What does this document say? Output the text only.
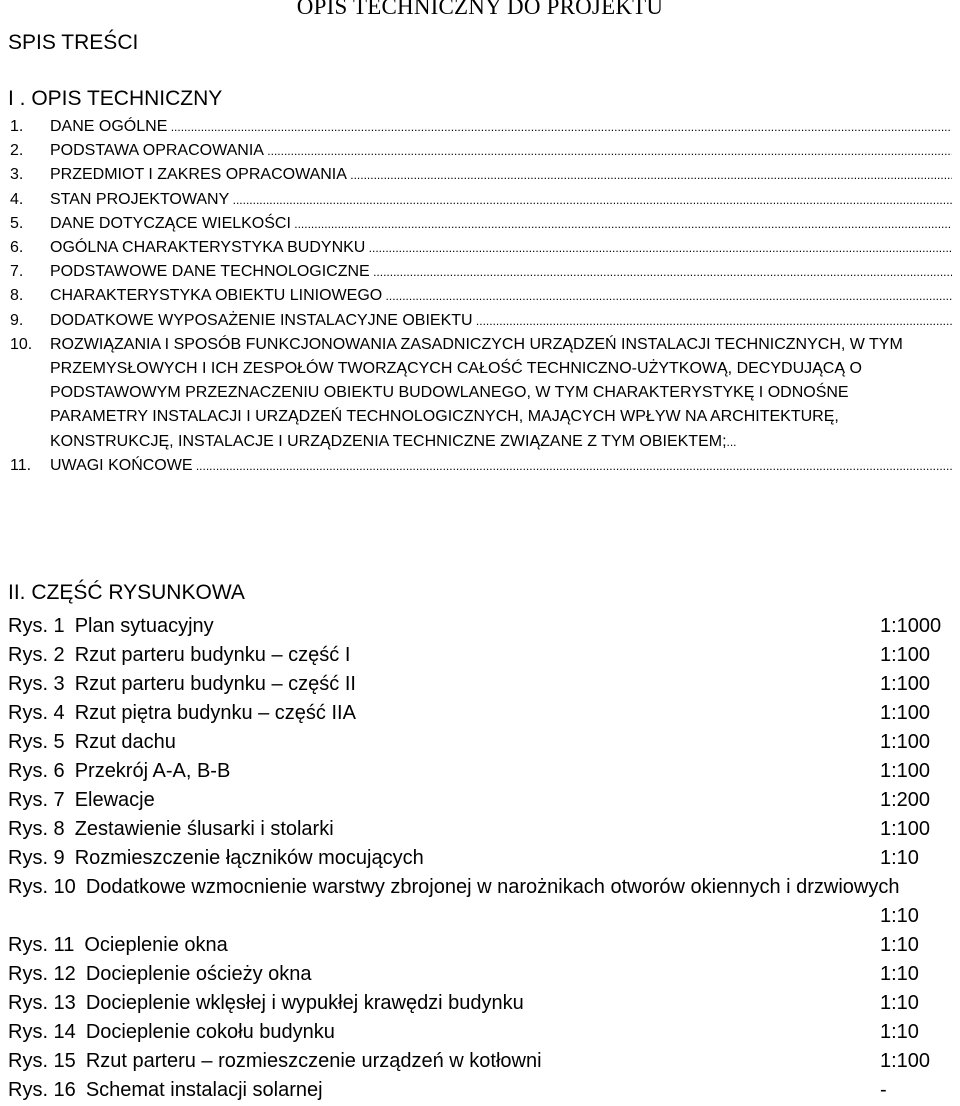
OPIS TECHNICZNY DO PROJEKTU
SPIS TREŚCI
I . OPIS TECHNICZNY
1.	DANE OGÓLNE .....
2.	PODSTAWA OPRACOWANIA .....
3.	PRZEDMIOT I ZAKRES OPRACOWANIA .....
4.	STAN PROJEKTOWANY .....
5.	DANE DOTYCZĄCE WIELKOŚCI .....
6.	OGÓLNA CHARAKTERYSTYKA BUDYNKU .....
7.	PODSTAWOWE DANE TECHNOLOGICZNE .....
8.	CHARAKTERYSTYKA OBIEKTU LINIOWEGO .....
9.	DODATKOWE WYPOSAŻENIE INSTALACYJNE OBIEKTU .....
10.	ROZWIĄZANIA I SPOSÓB FUNKCJONOWANIA ZASADNICZYCH URZĄDZEŃ INSTALACJI TECHNICZNYCH, W TYM
PRZEMYSŁOWYCH I ICH ZESPOŁÓW TWORZĄCYCH CAŁOŚĆ TECHNICZNO-UŻYTKOWĄ, DECYDUJĄCĄ O
PODSTAWOWYM PRZEZNACZENIU OBIEKTU BUDOWLANEGO, W TYM CHARAKTERYSTYKĘ I ODNOŚNE
PARAMETRY INSTALACJI I URZĄDZEŃ TECHNOLOGICZNYCH, MAJĄCYCH WPŁYW NA ARCHITEKTURĘ,
KONSTRUKCJĘ, INSTALACJE I URZĄDZENIA TECHNICZNE ZWIĄZANE Z TYM OBIEKTEM;...
11.	UWAGI KOŃCOWE .....
II. CZĘŚĆ RYSUNKOWA
Rys. 1 Plan sytuacyjny	1:1000
Rys. 2 Rzut parteru budynku – część I	1:100
Rys. 3 Rzut parteru budynku – część II	1:100
Rys. 4 Rzut piętra budynku – część IIA	1:100
Rys. 5 Rzut dachu	1:100
Rys. 6 Przekrój A-A, B-B	1:100
Rys. 7 Elewacje	1:200
Rys. 8 Zestawienie ślusarki i stolarki	1:100
Rys. 9 Rozmieszczenie łączników mocujących	1:10
Rys. 10 Dodatkowe wzmocnienie warstwy zbrojonej w narożnikach otworów okiennych i drzwiowych
1:10
Rys. 11 Ocieplenie okna	1:10
Rys. 12 Docieplenie ościeży okna	1:10
Rys. 13 Docieplenie wklęsłej i wypukłej krawędzi budynku	1:10
Rys. 14 Docieplenie cokołu budynku	1:10
Rys. 15 Rzut parteru – rozmieszczenie urządzeń w kotłowni	1:100
Rys. 16 Schemat instalacji solarnej	-
